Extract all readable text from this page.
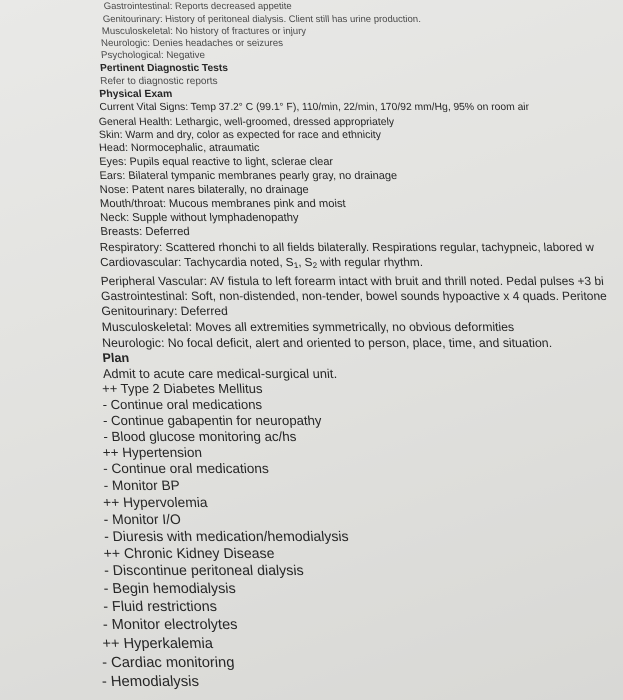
Gastrointestinal: Reports decreased appetite

Genitourinary: History of peritoneal dialysis. Client still has urine production.

Musculoskeletal: No history of fractures or injury

Neurologic: Denies headaches or seizures

Psychological: Negative

Pertinent Diagnostic Tests

Refer to diagnostic reports

Physical Exam

Current Vital Signs: Temp 37.2° C (99.1° F), 110/min, 22/min, 170/92 mm/Hg, 95% on room air

General Health: Lethargic, well-groomed, dressed appropriately

Skin: Warm and dry, color as expected for race and ethnicity

Head: Normocephalic, atraumatic

Eyes: Pupils equal reactive to light, sclerae clear

Ears: Bilateral tympanic membranes pearly gray, no drainage

Nose: Patent nares bilaterally, no drainage

Mouth/throat: Mucous membranes pink and moist

Neck: Supple without lymphadenopathy

Breasts: Deferred

Respiratory: Scattered rhonchi to all fields bilaterally. Respirations regular, tachypneic, labored w

Cardiovascular: Tachycardia noted, $S_1$, $S_2$ with regular rhythm.

Peripheral Vascular: AV fistula to left forearm intact with bruit and thrill noted. Pedal pulses +3 bi

Gastrointestinal: Soft, non-distended, non-tender, bowel sounds hypoactive x 4 quads. Peritone

Genitourinary: Deferred

Musculoskeletal: Moves all extremities symmetrically, no obvious deformities

Neurologic: No focal deficit, alert and oriented to person, place, time, and situation.

Plan

Admit to acute care medical-surgical unit.

++ Type 2 Diabetes Mellitus

- Continue oral medications

- Continue gabapentin for neuropathy

- Blood glucose monitoring ac/hs

++ Hypertension

- Continue oral medications

- Monitor BP

++ Hypervolemia

- Monitor I/O

- Diuresis with medication/hemodialysis

++ Chronic Kidney Disease

- Discontinue peritoneal dialysis

- Begin hemodialysis

- Fluid restrictions

- Monitor electrolytes

++ Hyperkalemia

- Cardiac monitoring

- Hemodialysis
